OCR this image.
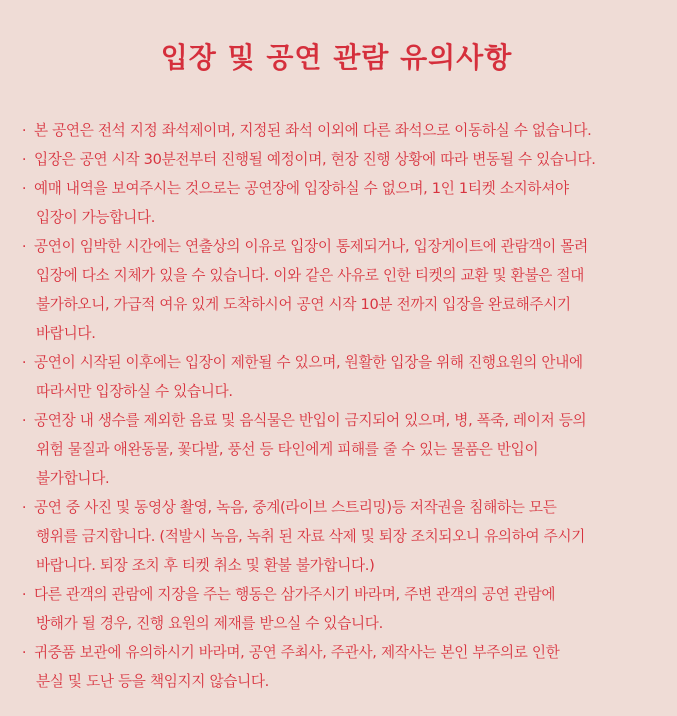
입장 및 공연 관람 유의사항
· 본 공연은 전석 지정 좌석제이며, 지정된 좌석 이외에 다른 좌석으로 이동하실 수 없습니다.
· 입장은 공연 시작 30분전부터 진행될 예정이며, 현장 진행 상황에 따라 변동될 수 있습니다.
· 예매 내역을 보여주시는 것으로는 공연장에 입장하실 수 없으며, 1인 1티켓 소지하셔야
입장이 가능합니다.
· 공연이 임박한 시간에는 연출상의 이유로 입장이 통제되거나, 입장게이트에 관람객이 몰려
입장에 다소 지체가 있을 수 있습니다. 이와 같은 사유로 인한 티켓의 교환 및 환불은 절대
불가하오니, 가급적 여유 있게 도착하시어 공연 시작 10분 전까지 입장을 완료해주시기
바랍니다.
· 공연이 시작된 이후에는 입장이 제한될 수 있으며, 원활한 입장을 위해 진행요원의 안내에
따라서만 입장하실 수 있습니다.
· 공연장 내 생수를 제외한 음료 및 음식물은 반입이 금지되어 있으며, 병, 폭죽, 레이저 등의
위험 물질과 애완동물, 꽃다발, 풍선 등 타인에게 피해를 줄 수 있는 물품은 반입이
불가합니다.
· 공연 중 사진 및 동영상 촬영, 녹음, 중계(라이브 스트리밍)등 저작권을 침해하는 모든
행위를 금지합니다. (적발시 녹음, 녹취 된 자료 삭제 및 퇴장 조치되오니 유의하여 주시기
바랍니다. 퇴장 조치 후 티켓 취소 및 환불 불가합니다.)
· 다른 관객의 관람에 지장을 주는 행동은 삼가주시기 바라며, 주변 관객의 공연 관람에
방해가 될 경우, 진행 요원의 제재를 받으실 수 있습니다.
· 귀중품 보관에 유의하시기 바라며, 공연 주최사, 주관사, 제작사는 본인 부주의로 인한
분실 및 도난 등을 책임지지 않습니다.
